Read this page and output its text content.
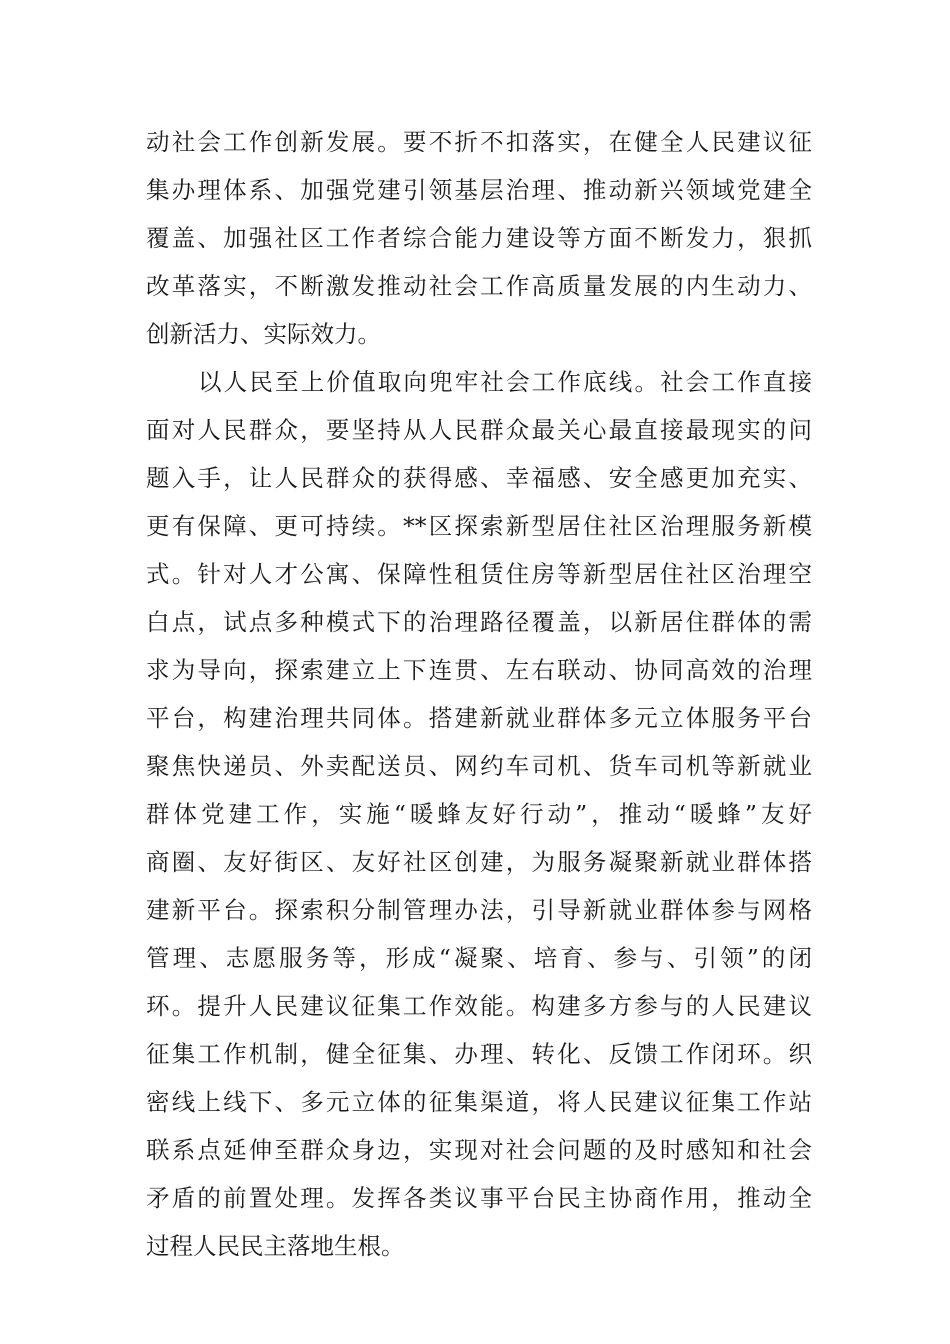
动社会工作创新发展。要不折不扣落实，在健全人民建议征
集办理体系、加强党建引领基层治理、推动新兴领域党建全
覆盖、加强社区工作者综合能力建设等方面不断发力，狠抓
改革落实，不断激发推动社会工作高质量发展的内生动力、
创新活力、实际效力。
以人民至上价值取向兜牢社会工作底线。社会工作直接
面对人民群众，要坚持从人民群众最关心最直接最现实的问
题入手，让人民群众的获得感、幸福感、安全感更加充实、
更有保障、更可持续。**区探索新型居住社区治理服务新模
式。针对人才公寓、保障性租赁住房等新型居住社区治理空
白点，试点多种模式下的治理路径覆盖，以新居住群体的需
求为导向，探索建立上下连贯、左右联动、协同高效的治理
平台，构建治理共同体。搭建新就业群体多元立体服务平台
聚焦快递员、外卖配送员、网约车司机、货车司机等新就业
群体党建工作，实施“暖蜂友好行动”，推动“暖蜂”友好
商圈、友好街区、友好社区创建，为服务凝聚新就业群体搭
建新平台。探索积分制管理办法，引导新就业群体参与网格
管理、志愿服务等，形成“凝聚、培育、参与、引领”的闭
环。提升人民建议征集工作效能。构建多方参与的人民建议
征集工作机制，健全征集、办理、转化、反馈工作闭环。织
密线上线下、多元立体的征集渠道，将人民建议征集工作站
联系点延伸至群众身边，实现对社会问题的及时感知和社会
矛盾的前置处理。发挥各类议事平台民主协商作用，推动全
过程人民民主落地生根。
